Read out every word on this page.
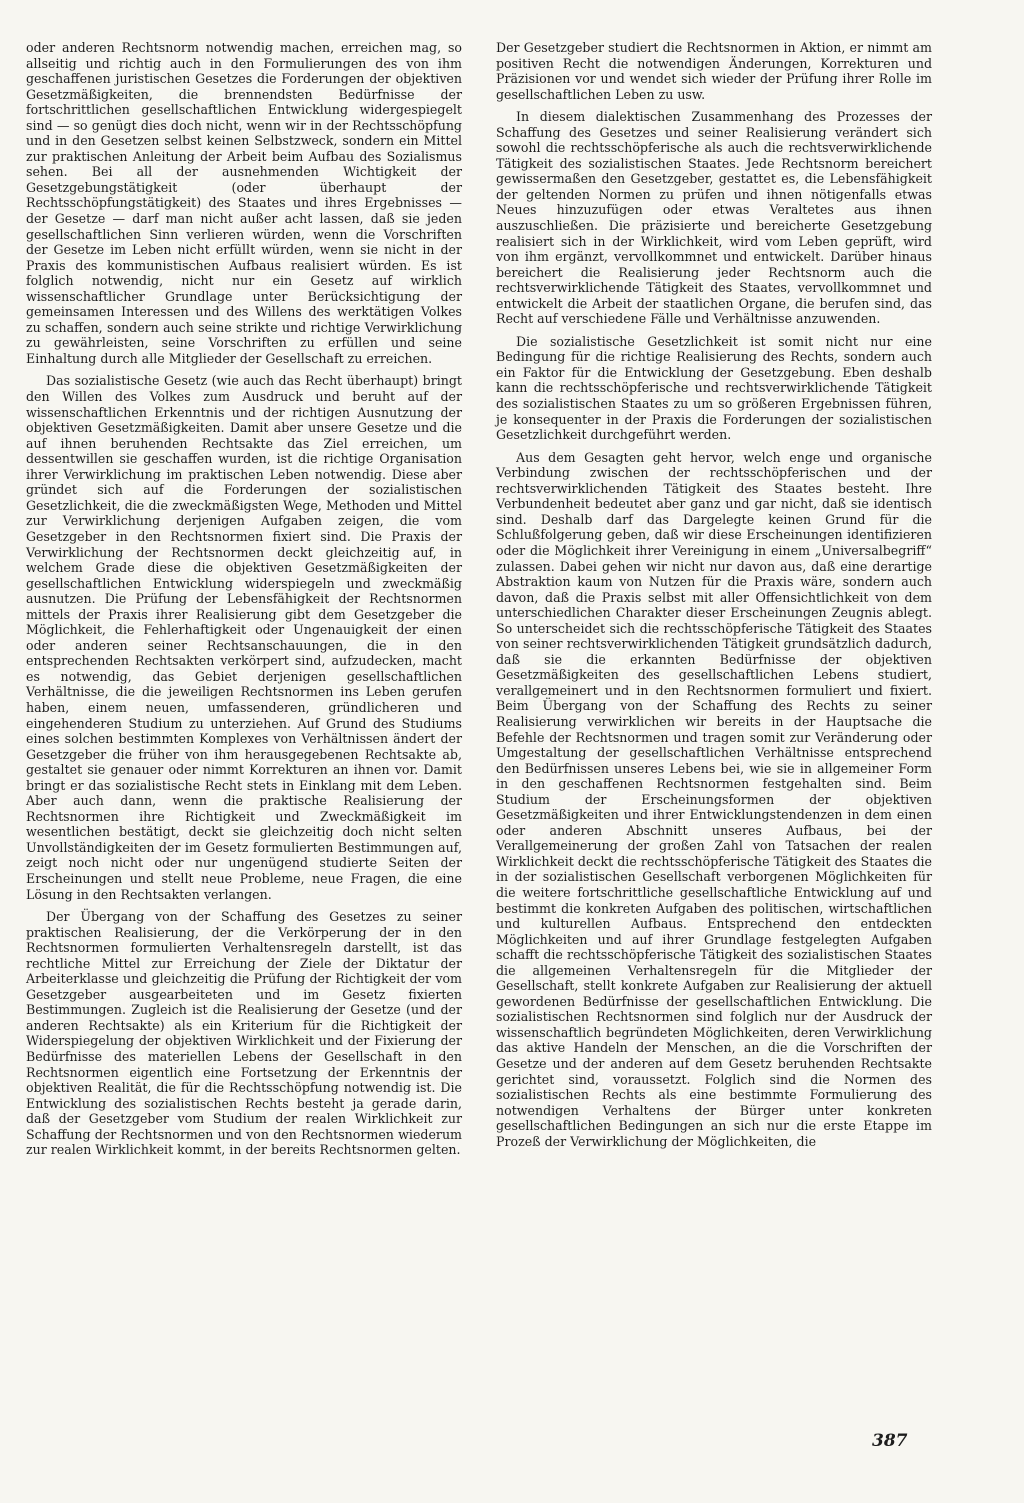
oder anderen Rechtsnorm notwendig machen, erreichen mag, so allseitig und richtig auch in den Formulierungen des von ihm geschaffenen juristischen Gesetzes die Forderungen der objektiven Gesetzmäßigkeiten, die brennendsten Bedürfnisse der fortschrittlichen gesellschaftlichen Entwicklung widergespiegelt sind — so genügt dies doch nicht, wenn wir in der Rechtsschöpfung und in den Gesetzen selbst keinen Selbstzweck, sondern ein Mittel zur praktischen Anleitung der Arbeit beim Aufbau des Sozialismus sehen. Bei all der ausnehmenden Wichtigkeit der Gesetzgebungstätigkeit (oder überhaupt der Rechtsschöpfungstätigkeit) des Staates und ihres Ergebnisses — der Gesetze — darf man nicht außer acht lassen, daß sie jeden gesellschaftlichen Sinn verlieren würden, wenn die Vorschriften der Gesetze im Leben nicht erfüllt würden, wenn sie nicht in der Praxis des kommunistischen Aufbaus realisiert würden. Es ist folglich notwendig, nicht nur ein Gesetz auf wirklich wissenschaftlicher Grundlage unter Berücksichtigung der gemeinsamen Interessen und des Willens des werktätigen Volkes zu schaffen, sondern auch seine strikte und richtige Verwirklichung zu gewährleisten, seine Vorschriften zu erfüllen und seine Einhaltung durch alle Mitglieder der Gesellschaft zu erreichen.

Das sozialistische Gesetz (wie auch das Recht überhaupt) bringt den Willen des Volkes zum Ausdruck und beruht auf der wissenschaftlichen Erkenntnis und der richtigen Ausnutzung der objektiven Gesetzmäßigkeiten. Damit aber unsere Gesetze und die auf ihnen beruhenden Rechtsakte das Ziel erreichen, um dessentwillen sie geschaffen wurden, ist die richtige Organisation ihrer Verwirklichung im praktischen Leben notwendig. Diese aber gründet sich auf die Forderungen der sozialistischen Gesetzlichkeit, die die zweckmäßigsten Wege, Methoden und Mittel zur Verwirklichung derjenigen Aufgaben zeigen, die vom Gesetzgeber in den Rechtsnormen fixiert sind. Die Praxis der Verwirklichung der Rechtsnormen deckt gleichzeitig auf, in welchem Grade diese die objektiven Gesetzmäßigkeiten der gesellschaftlichen Entwicklung widerspiegeln und zweckmäßig ausnutzen. Die Prüfung der Lebensfähigkeit der Rechtsnormen mittels der Praxis ihrer Realisierung gibt dem Gesetzgeber die Möglichkeit, die Fehlerhaftigkeit oder Ungenauigkeit der einen oder anderen seiner Rechtsanschauungen, die in den entsprechenden Rechtsakten verkörpert sind, aufzudecken, macht es notwendig, das Gebiet derjenigen gesellschaftlichen Verhältnisse, die die jeweiligen Rechtsnormen ins Leben gerufen haben, einem neuen, umfassenderen, gründlicheren und eingehenderen Studium zu unterziehen. Auf Grund des Studiums eines solchen bestimmten Komplexes von Verhältnissen ändert der Gesetzgeber die früher von ihm herausgegebenen Rechtsakte ab, gestaltet sie genauer oder nimmt Korrekturen an ihnen vor. Damit bringt er das sozialistische Recht stets in Einklang mit dem Leben. Aber auch dann, wenn die praktische Realisierung der Rechtsnormen ihre Richtigkeit und Zweckmäßigkeit im wesentlichen bestätigt, deckt sie gleichzeitig doch nicht selten Unvollständigkeiten der im Gesetz formulierten Bestimmungen auf, zeigt noch nicht oder nur ungenügend studierte Seiten der Erscheinungen und stellt neue Probleme, neue Fragen, die eine Lösung in den Rechtsakten verlangen.

Der Übergang von der Schaffung des Gesetzes zu seiner praktischen Realisierung, der die Verkörperung der in den Rechtsnormen formulierten Verhaltensregeln darstellt, ist das rechtliche Mittel zur Erreichung der Ziele der Diktatur der Arbeiterklasse und gleichzeitig die Prüfung der Richtigkeit der vom Gesetzgeber ausgearbeiteten und im Gesetz fixierten Bestimmungen. Zugleich ist die Realisierung der Gesetze (und der anderen Rechtsakte) als ein Kriterium für die Richtigkeit der Widerspiegelung der objektiven Wirklichkeit und der Fixierung der Bedürfnisse des materiellen Lebens der Gesellschaft in den Rechtsnormen eigentlich eine Fortsetzung der Erkenntnis der objektiven Realität, die für die Rechtsschöpfung notwendig ist. Die Entwicklung des sozialistischen Rechts besteht ja gerade darin, daß der Gesetzgeber vom Studium der realen Wirklichkeit zur Schaffung der Rechtsnormen und von den Rechtsnormen wiederum zur realen Wirklichkeit kommt, in der bereits Rechtsnormen gelten.

Der Gesetzgeber studiert die Rechtsnormen in Aktion, er nimmt am positiven Recht die notwendigen Änderungen, Korrekturen und Präzisionen vor und wendet sich wieder der Prüfung ihrer Rolle im gesellschaftlichen Leben zu usw.

In diesem dialektischen Zusammenhang des Prozesses der Schaffung des Gesetzes und seiner Realisierung verändert sich sowohl die rechtsschöpferische als auch die rechtsverwirklichende Tätigkeit des sozialistischen Staates. Jede Rechtsnorm bereichert gewissermaßen den Gesetzgeber, gestattet es, die Lebensfähigkeit der geltenden Normen zu prüfen und ihnen nötigenfalls etwas Neues hinzuzufügen oder etwas Veraltetes aus ihnen auszuschließen. Die präzisierte und bereicherte Gesetzgebung realisiert sich in der Wirklichkeit, wird vom Leben geprüft, wird von ihm ergänzt, vervollkommnet und entwickelt. Darüber hinaus bereichert die Realisierung jeder Rechtsnorm auch die rechtsverwirklichende Tätigkeit des Staates, vervollkommnet und entwickelt die Arbeit der staatlichen Organe, die berufen sind, das Recht auf verschiedene Fälle und Verhältnisse anzuwenden.

Die sozialistische Gesetzlichkeit ist somit nicht nur eine Bedingung für die richtige Realisierung des Rechts, sondern auch ein Faktor für die Entwicklung der Gesetzgebung. Eben deshalb kann die rechtsschöpferische und rechtsverwirklichende Tätigkeit des sozialistischen Staates zu um so größeren Ergebnissen führen, je konsequenter in der Praxis die Forderungen der sozialistischen Gesetzlichkeit durchgeführt werden.

Aus dem Gesagten geht hervor, welch enge und organische Verbindung zwischen der rechtsschöpferischen und der rechtsverwirklichenden Tätigkeit des Staates besteht. Ihre Verbundenheit bedeutet aber ganz und gar nicht, daß sie identisch sind. Deshalb darf das Dargelegte keinen Grund für die Schlußfolgerung geben, daß wir diese Erscheinungen identifizieren oder die Möglichkeit ihrer Vereinigung in einem „Universalbegriff“ zulassen. Dabei gehen wir nicht nur davon aus, daß eine derartige Abstraktion kaum von Nutzen für die Praxis wäre, sondern auch davon, daß die Praxis selbst mit aller Offensichtlichkeit von dem unterschiedlichen Charakter dieser Erscheinungen Zeugnis ablegt. So unterscheidet sich die rechtsschöpferische Tätigkeit des Staates von seiner rechtsverwirklichenden Tätigkeit grundsätzlich dadurch, daß sie die erkannten Bedürfnisse der objektiven Gesetzmäßigkeiten des gesellschaftlichen Lebens studiert, verallgemeinert und in den Rechtsnormen formuliert und fixiert. Beim Übergang von der Schaffung des Rechts zu seiner Realisierung verwirklichen wir bereits in der Hauptsache die Befehle der Rechtsnormen und tragen somit zur Veränderung oder Umgestaltung der gesellschaftlichen Verhältnisse entsprechend den Bedürfnissen unseres Lebens bei, wie sie in allgemeiner Form in den geschaffenen Rechtsnormen festgehalten sind. Beim Studium der Erscheinungsformen der objektiven Gesetzmäßigkeiten und ihrer Entwicklungstendenzen in dem einen oder anderen Abschnitt unseres Aufbaus, bei der Verallgemeinerung der großen Zahl von Tatsachen der realen Wirklichkeit deckt die rechtsschöpferische Tätigkeit des Staates die in der sozialistischen Gesellschaft verborgenen Möglichkeiten für die weitere fortschrittliche gesellschaftliche Entwicklung auf und bestimmt die konkreten Aufgaben des politischen, wirtschaftlichen und kulturellen Aufbaus. Entsprechend den entdeckten Möglichkeiten und auf ihrer Grundlage festgelegten Aufgaben schafft die rechtsschöpferische Tätigkeit des sozialistischen Staates die allgemeinen Verhaltensregeln für die Mitglieder der Gesellschaft, stellt konkrete Aufgaben zur Realisierung der aktuell gewordenen Bedürfnisse der gesellschaftlichen Entwicklung. Die sozialistischen Rechtsnormen sind folglich nur der Ausdruck der wissenschaftlich begründeten Möglichkeiten, deren Verwirklichung das aktive Handeln der Menschen, an die die Vorschriften der Gesetze und der anderen auf dem Gesetz beruhenden Rechtsakte gerichtet sind, voraussetzt. Folglich sind die Normen des sozialistischen Rechts als eine bestimmte Formulierung des notwendigen Verhaltens der Bürger unter konkreten gesellschaftlichen Bedingungen an sich nur die erste Etappe im Prozeß der Verwirklichung der Möglichkeiten, die

387
